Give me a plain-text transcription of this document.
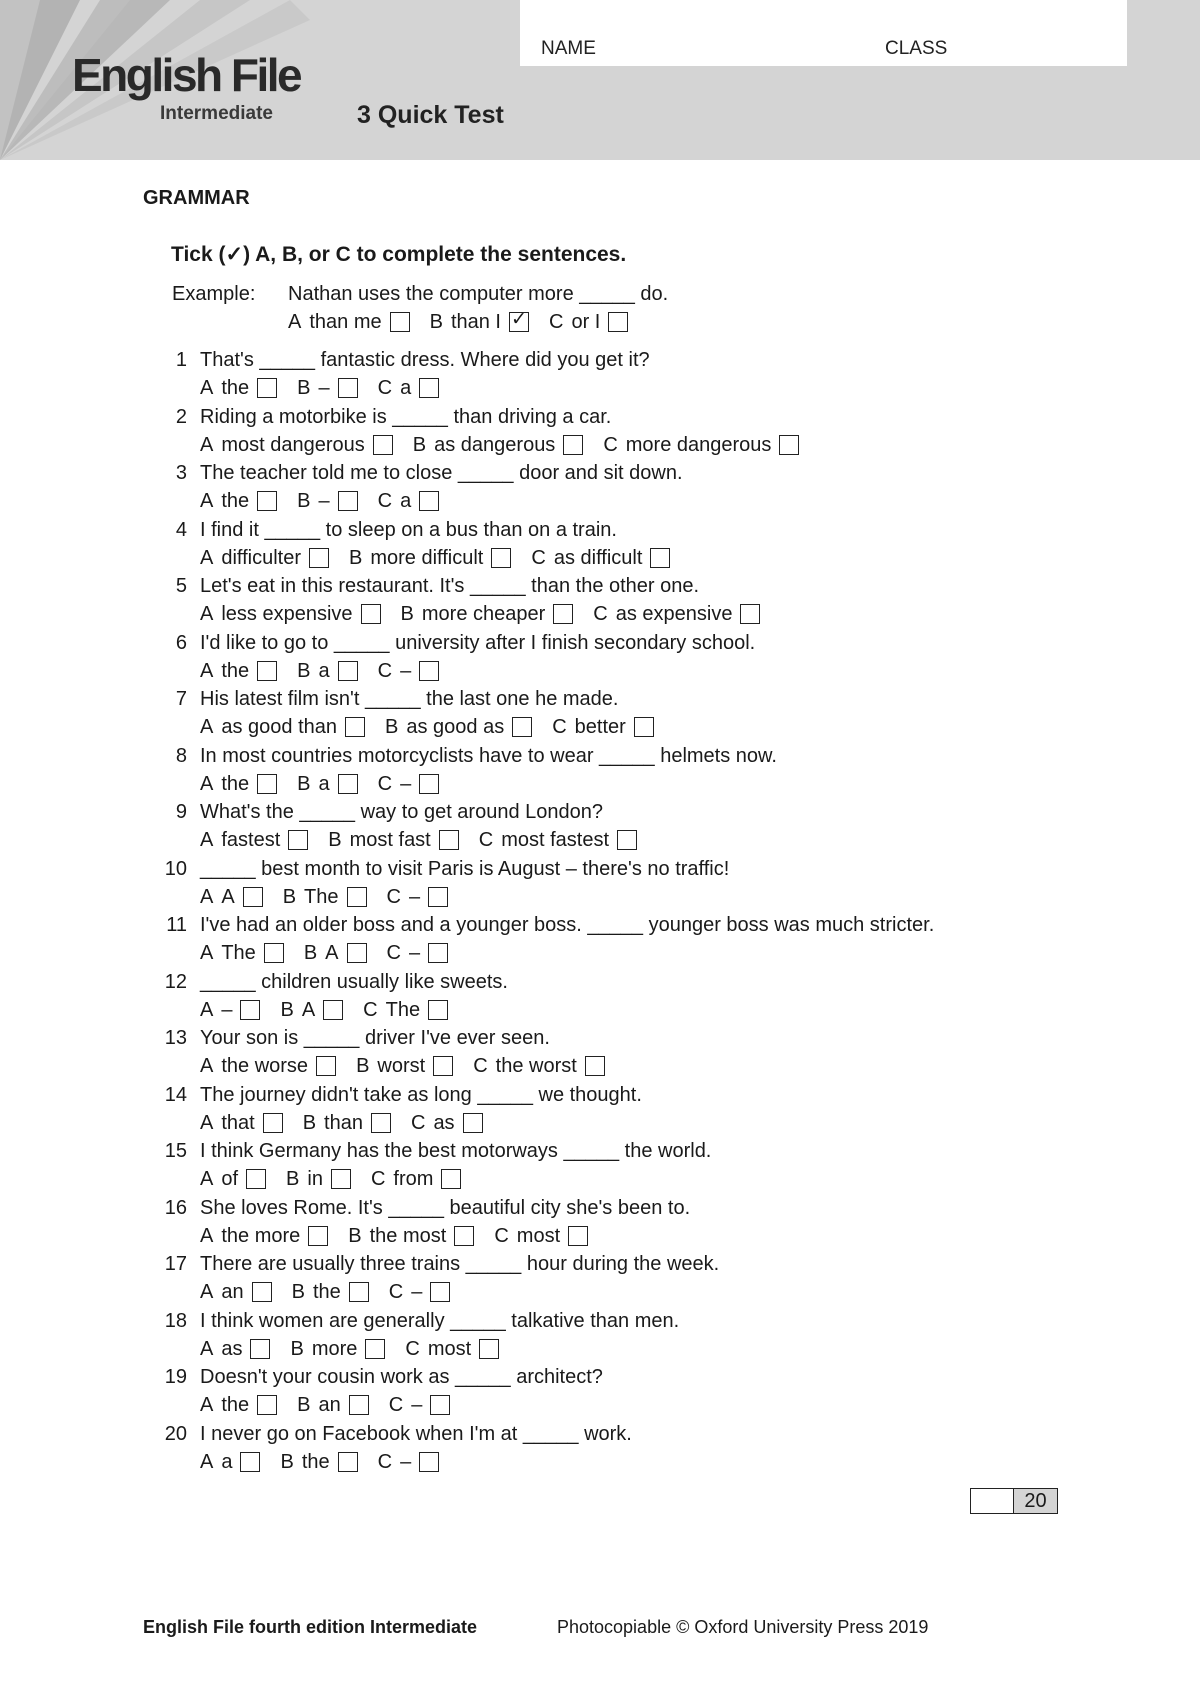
English File
Intermediate	3 Quick Test
NAME	CLASS
GRAMMAR
Tick (✓) A, B, or C to complete the sentences.
Example: Nathan uses the computer more _____ do.
A than me B than I ✓ C or I
1 That's _____ fantastic dress. Where did you get it?
A the B – C a
2 Riding a motorbike is _____ than driving a car.
A most dangerous B as dangerous C more dangerous
3 The teacher told me to close _____ door and sit down.
A the B – C a
4 I find it _____ to sleep on a bus than on a train.
A difficulter B more difficult C as difficult
5 Let's eat in this restaurant. It's _____ than the other one.
A less expensive B more cheaper C as expensive
6 I'd like to go to _____ university after I finish secondary school.
A the B a C –
7 His latest film isn't _____ the last one he made.
A as good than B as good as C better
8 In most countries motorcyclists have to wear _____ helmets now.
A the B a C –
9 What's the _____ way to get around London?
A fastest B most fast C most fastest
10 _____ best month to visit Paris is August – there's no traffic!
A A B The C –
11 I've had an older boss and a younger boss. _____ younger boss was much stricter.
A The B A C –
12 _____ children usually like sweets.
A – B A C The
13 Your son is _____ driver I've ever seen.
A the worse B worst C the worst
14 The journey didn't take as long _____ we thought.
A that B than C as
15 I think Germany has the best motorways _____ the world.
A of B in C from
16 She loves Rome. It's _____ beautiful city she's been to.
A the more B the most C most
17 There are usually three trains _____ hour during the week.
A an B the C –
18 I think women are generally _____ talkative than men.
A as B more C most
19 Doesn't your cousin work as _____ architect?
A the B an C –
20 I never go on Facebook when I'm at _____ work.
A a B the C –
20
English File fourth edition Intermediate	Photocopiable © Oxford University Press 2019
